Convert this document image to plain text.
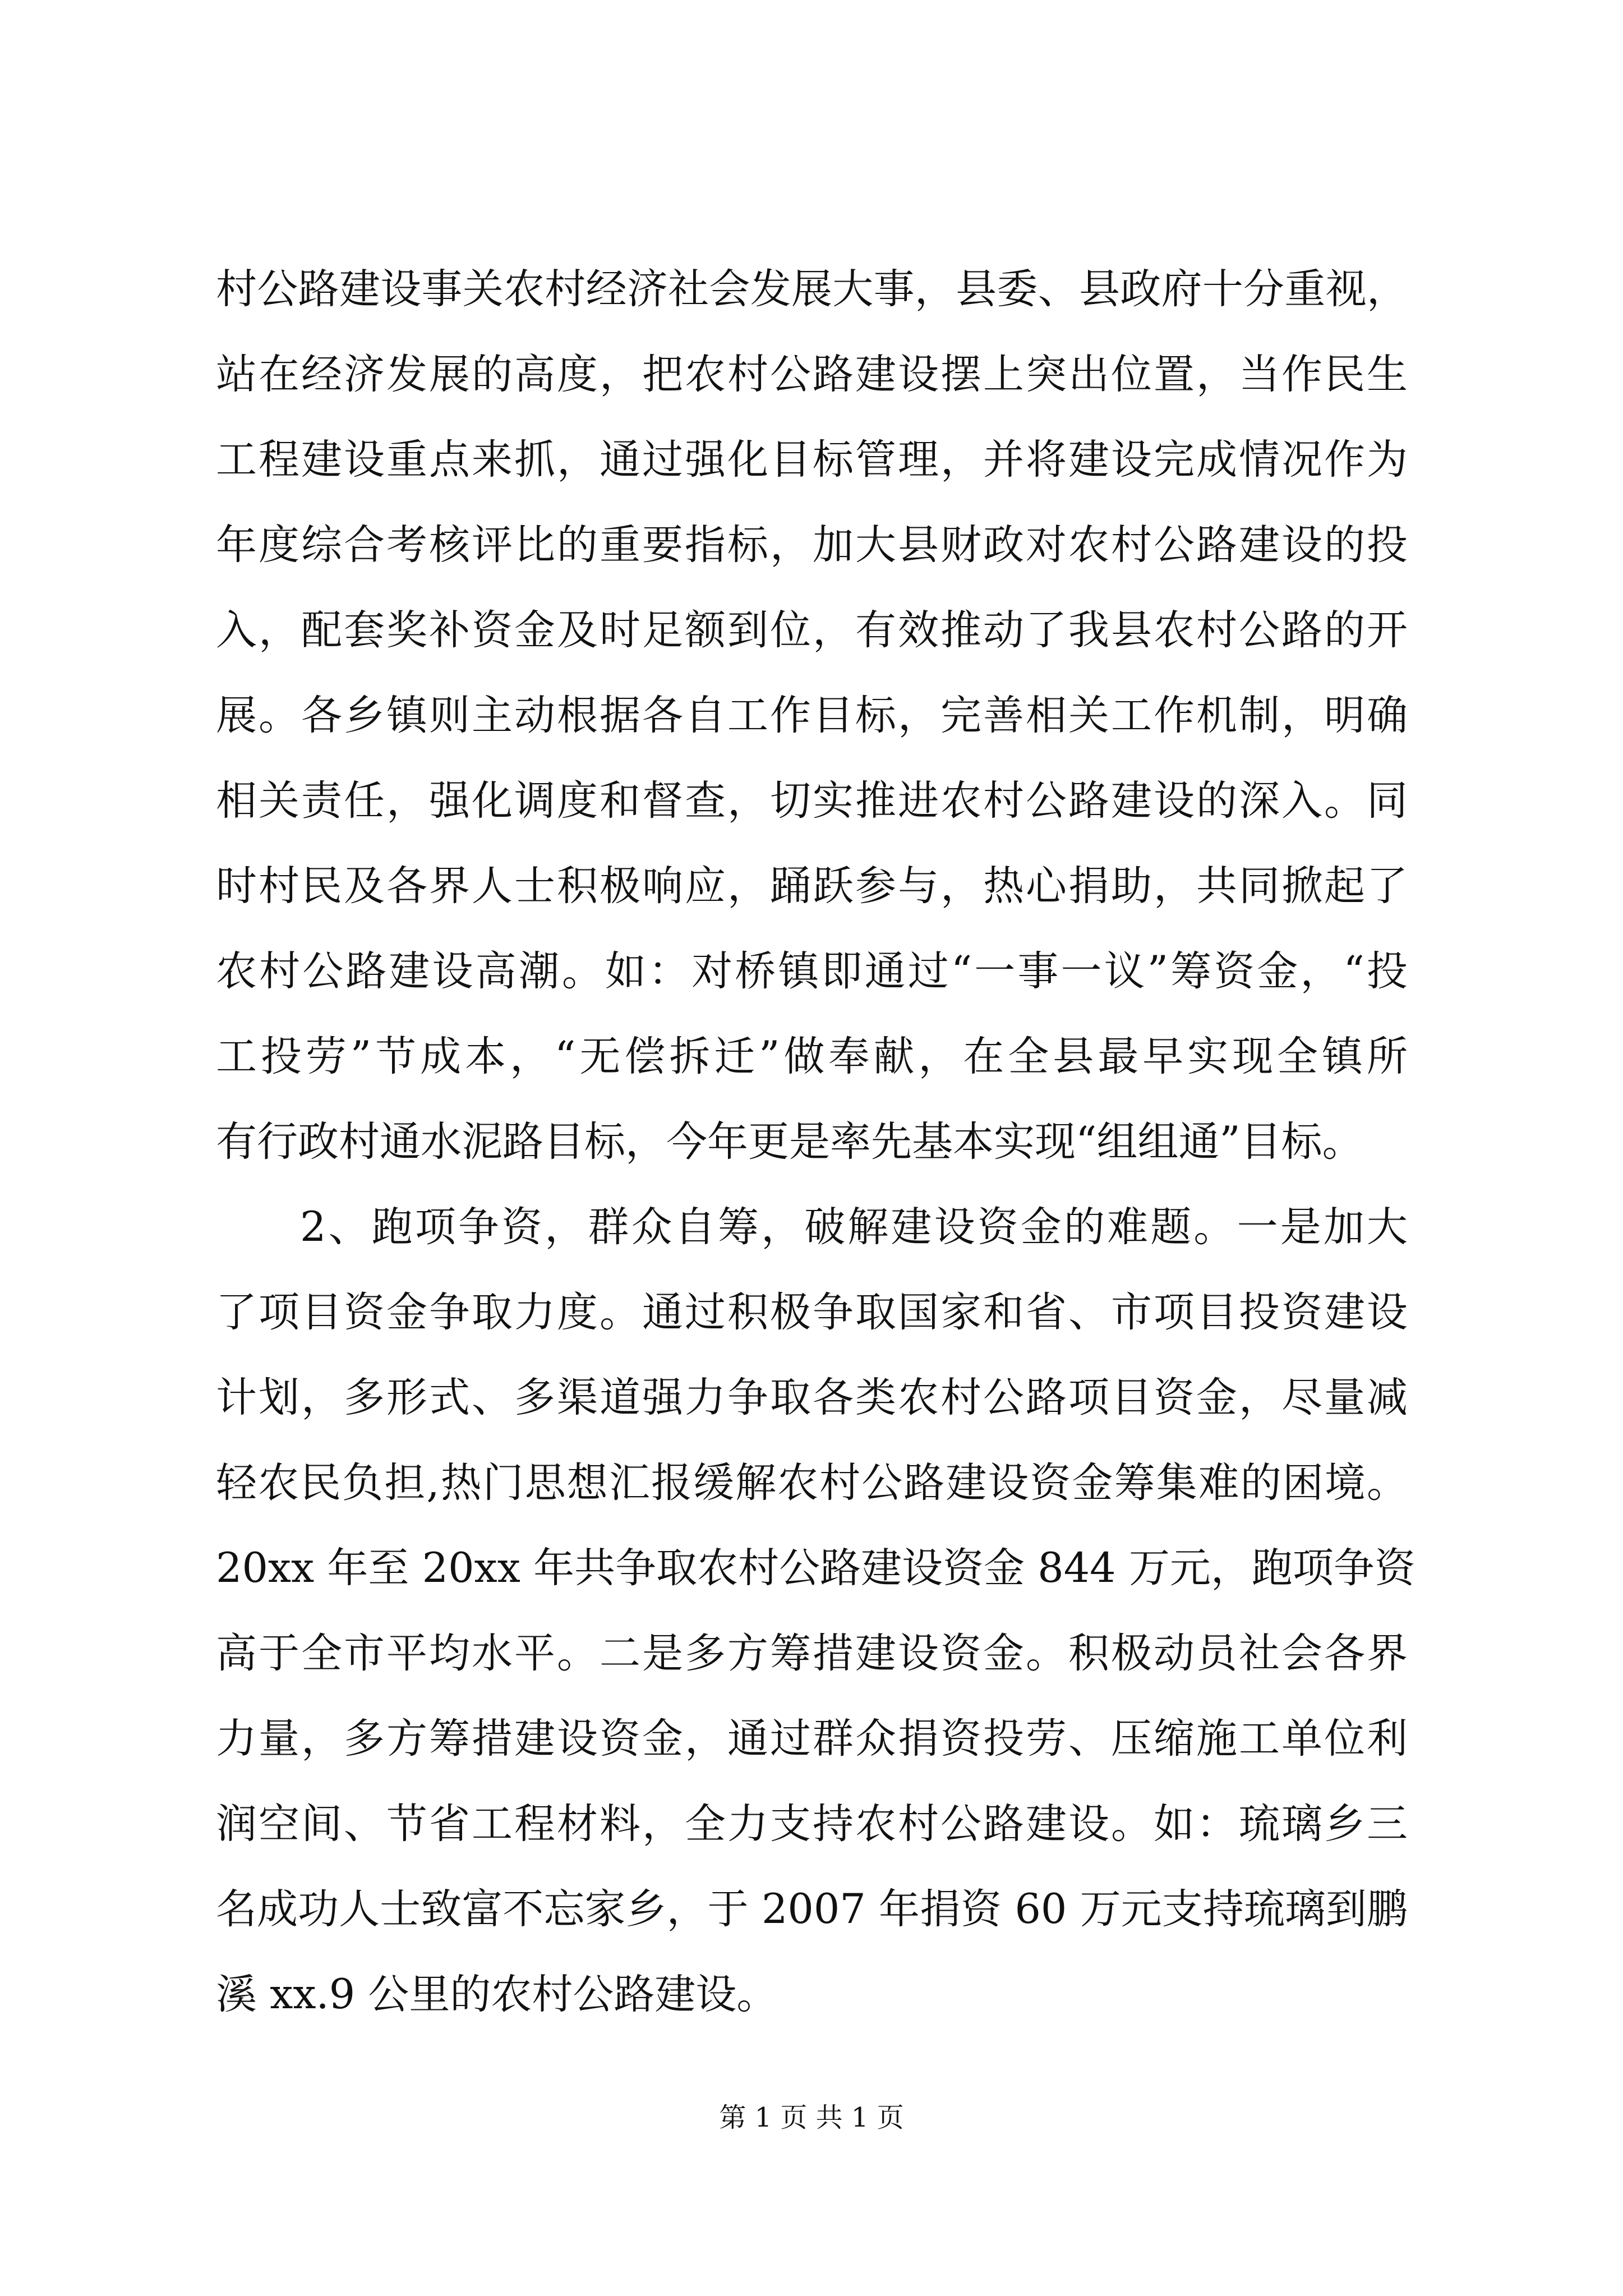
村公路建设事关农村经济社会发展大事，县委、县政府十分重视，
站在经济发展的高度，把农村公路建设摆上突出位置，当作民生
工程建设重点来抓，通过强化目标管理，并将建设完成情况作为
年度综合考核评比的重要指标，加大县财政对农村公路建设的投
入，配套奖补资金及时足额到位，有效推动了我县农村公路的开
展。各乡镇则主动根据各自工作目标，完善相关工作机制，明确
相关责任，强化调度和督查，切实推进农村公路建设的深入。同
时村民及各界人士积极响应，踊跃参与，热心捐助，共同掀起了
农村公路建设高潮。如：对桥镇即通过“一事一议”筹资金，“投
工投劳”节成本，“无偿拆迁”做奉献，在全县最早实现全镇所
有行政村通水泥路目标，今年更是率先基本实现“组组通”目标。
2、跑项争资，群众自筹，破解建设资金的难题。一是加大
了项目资金争取力度。通过积极争取国家和省、市项目投资建设
计划，多形式、多渠道强力争取各类农村公路项目资金，尽量减
轻农民负担,热门思想汇报缓解农村公路建设资金筹集难的困境。
20xx 年至 20xx 年共争取农村公路建设资金 844 万元，跑项争资
高于全市平均水平。二是多方筹措建设资金。积极动员社会各界
力量，多方筹措建设资金，通过群众捐资投劳、压缩施工单位利
润空间、节省工程材料，全力支持农村公路建设。如：琉璃乡三
名成功人士致富不忘家乡，于 2007 年捐资 60 万元支持琉璃到鹏
溪 xx.9 公里的农村公路建设。
第 1 页 共 1 页
